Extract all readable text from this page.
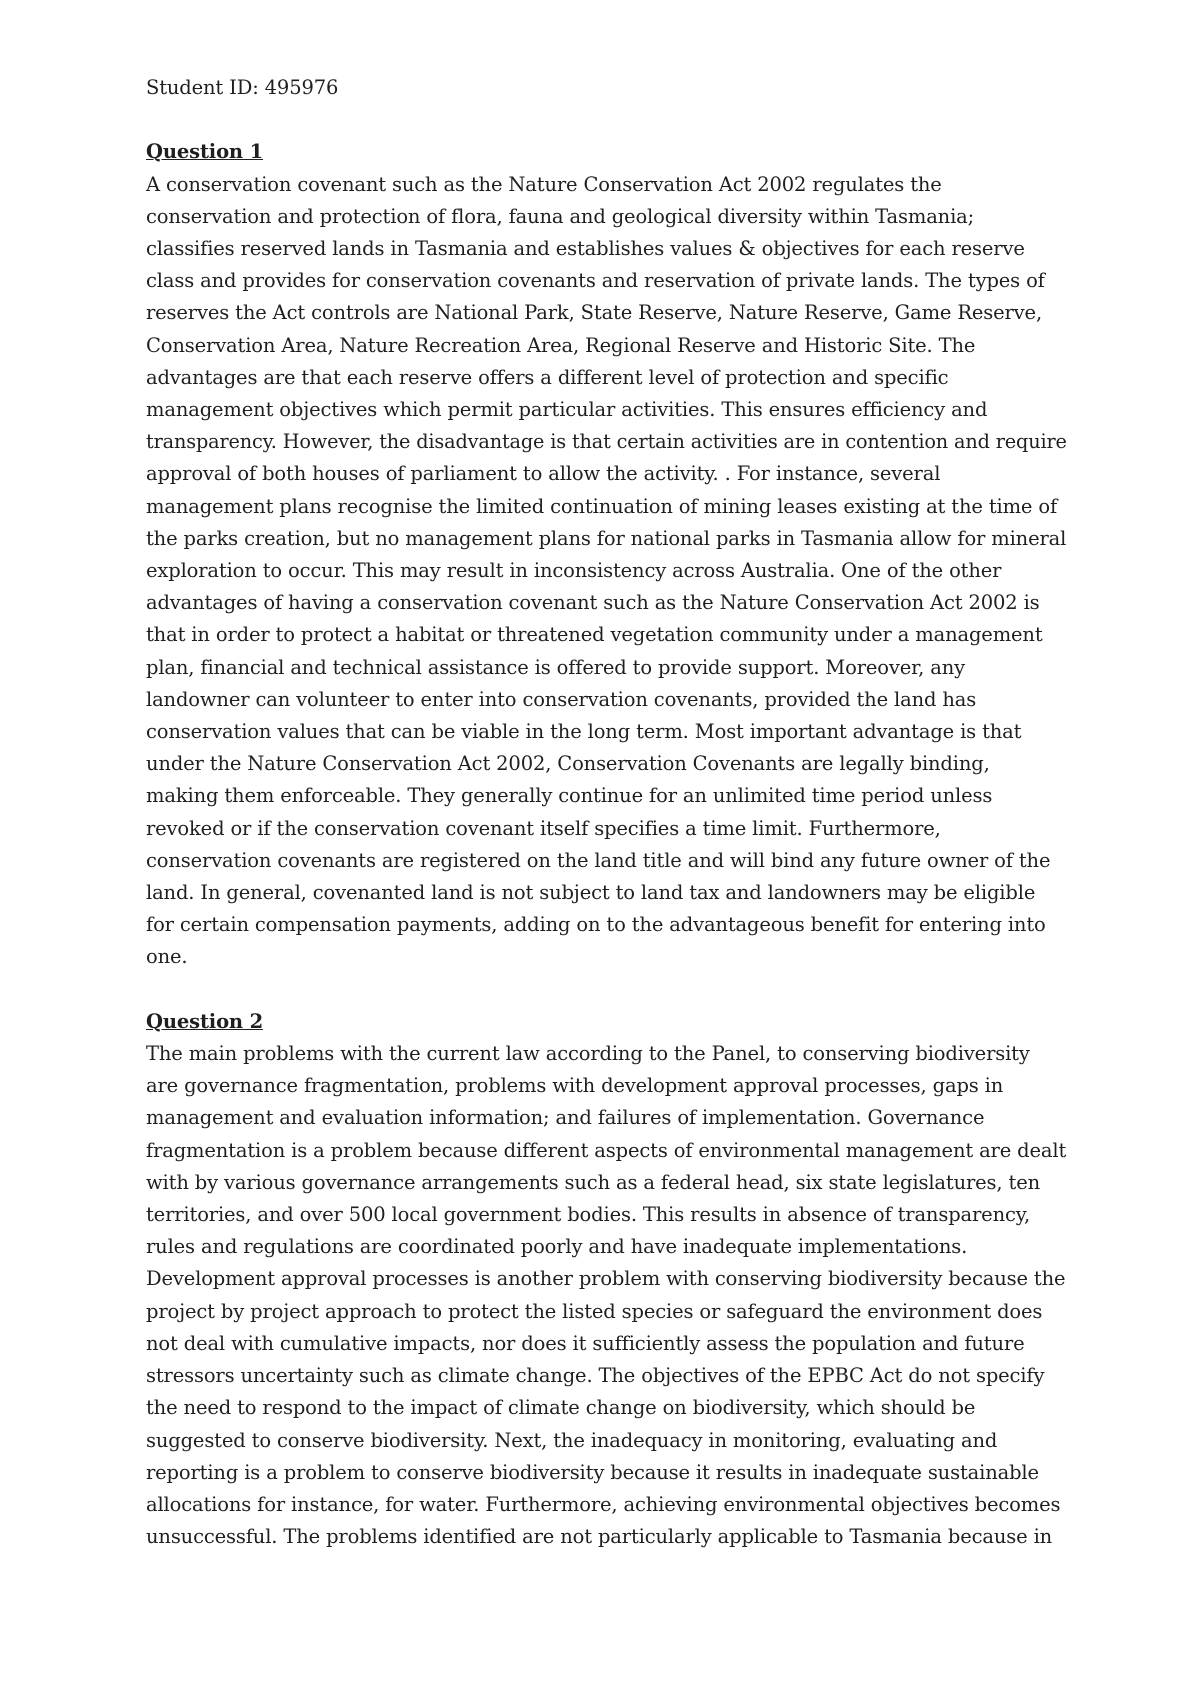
Student ID: 495976

Question 1

A conservation covenant such as the Nature Conservation Act 2002 regulates the
conservation and protection of flora, fauna and geological diversity within Tasmania;
classifies reserved lands in Tasmania and establishes values & objectives for each reserve
class and provides for conservation covenants and reservation of private lands. The types of
reserves the Act controls are National Park, State Reserve, Nature Reserve, Game Reserve,
Conservation Area, Nature Recreation Area, Regional Reserve and Historic Site. The
advantages are that each reserve offers a different level of protection and specific
management objectives which permit particular activities. This ensures efficiency and
transparency. However, the disadvantage is that certain activities are in contention and require
approval of both houses of parliament to allow the activity. . For instance, several
management plans recognise the limited continuation of mining leases existing at the time of
the parks creation, but no management plans for national parks in Tasmania allow for mineral
exploration to occur. This may result in inconsistency across Australia. One of the other
advantages of having a conservation covenant such as the Nature Conservation Act 2002 is
that in order to protect a habitat or threatened vegetation community under a management
plan, financial and technical assistance is offered to provide support. Moreover, any
landowner can volunteer to enter into conservation covenants, provided the land has
conservation values that can be viable in the long term. Most important advantage is that
under the Nature Conservation Act 2002, Conservation Covenants are legally binding,
making them enforceable. They generally continue for an unlimited time period unless
revoked or if the conservation covenant itself specifies a time limit. Furthermore,
conservation covenants are registered on the land title and will bind any future owner of the
land. In general, covenanted land is not subject to land tax and landowners may be eligible
for certain compensation payments, adding on to the advantageous benefit for entering into
one.

Question 2

The main problems with the current law according to the Panel, to conserving biodiversity
are governance fragmentation, problems with development approval processes, gaps in
management and evaluation information; and failures of implementation. Governance
fragmentation is a problem because different aspects of environmental management are dealt
with by various governance arrangements such as a federal head, six state legislatures, ten
territories, and over 500 local government bodies. This results in absence of transparency,
rules and regulations are coordinated poorly and have inadequate implementations.
Development approval processes is another problem with conserving biodiversity because the
project by project approach to protect the listed species or safeguard the environment does
not deal with cumulative impacts, nor does it sufficiently assess the population and future
stressors uncertainty such as climate change. The objectives of the EPBC Act do not specify
the need to respond to the impact of climate change on biodiversity, which should be
suggested to conserve biodiversity. Next, the inadequacy in monitoring, evaluating and
reporting is a problem to conserve biodiversity because it results in inadequate sustainable
allocations for instance, for water. Furthermore, achieving environmental objectives becomes
unsuccessful. The problems identified are not particularly applicable to Tasmania because in
